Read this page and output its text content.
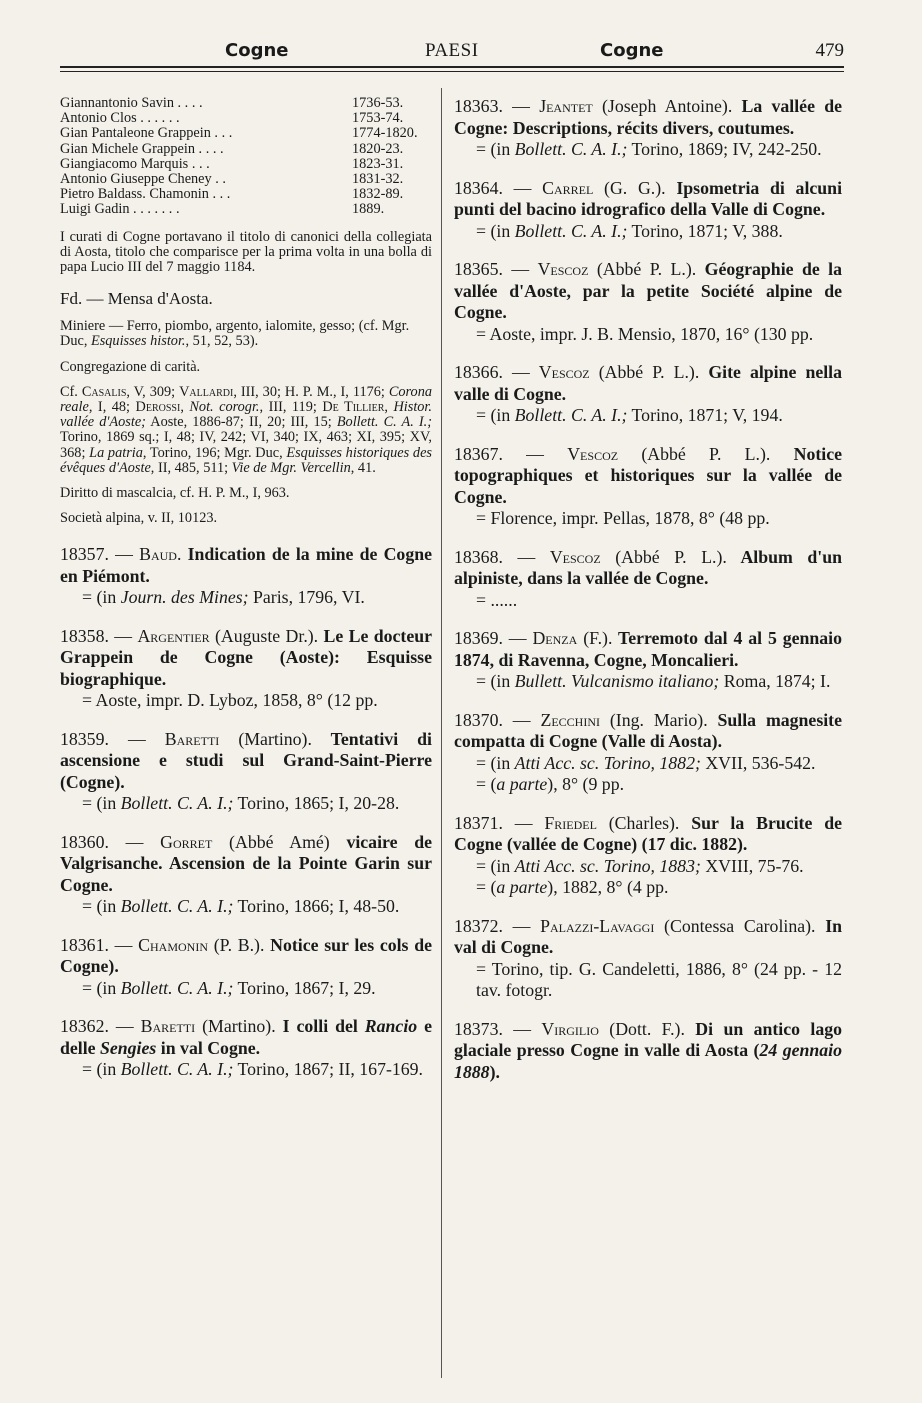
Cogne	PAESI	Cogne	479
Giannantonio Savin . . . .	1736-53.
Antonio Clos . . . . . .	1753-74.
Gian Pantaleone Grappein . . .	1774-1820.
Gian Michele Grappein . . . .	1820-23.
Giangiacomo Marquis . . .	1823-31.
Antonio Giuseppe Cheney . .	1831-32.
Pietro Baldass. Chamonin . . .	1832-89.
Luigi Gadin . . . . . . .	1889.
I curati di Cogne portavano il titolo di canonici della collegiata di Aosta, titolo che comparisce per la prima volta in una bolla di papa Lucio III del 7 maggio 1184.
Fd. — Mensa d'Aosta.
Miniere — Ferro, piombo, argento, ialomite, gesso; (cf. Mgr. Duc, Esquisses histor., 51, 52, 53).
Congregazione di carità.
Cf. Casalis, V, 309; Vallardi, III, 30; H. P. M., I, 1176; Corona reale, I, 48; Derossi, Not. corogr., III, 119; De Tillier, Histor. vallée d'Aoste; Aoste, 1886-87; II, 20; III, 15; Bollett. C. A. I.; Torino, 1869 sq.; I, 48; IV, 242; VI, 340; IX, 463; XI, 395; XV, 368; La patria, Torino, 196; Mgr. Duc, Esquisses historiques des évêques d'Aoste, II, 485, 511; Vie de Mgr. Vercellin, 41.
Diritto di mascalcia, cf. H. P. M., I, 963.
Società alpina, v. II, 10123.
18357. — Baud. Indication de la mine de Cogne en Piémont.
= (in Journ. des Mines; Paris, 1796, VI.
18358. — Argentier (Auguste Dr.). Le Le docteur Grappein de Cogne (Aoste): Esquisse biographique.
= Aoste, impr. D. Lyboz, 1858, 8° (12 pp.
18359. — Baretti (Martino). Tentativi di ascensione e studi sul Grand-Saint-Pierre (Cogne).
= (in Bollett. C. A. I.; Torino, 1865; I, 20-28.
18360. — Gorret (Abbé Amé) vicaire de Valgrisanche. Ascension de la Pointe Garin sur Cogne.
= (in Bollett. C. A. I.; Torino, 1866; I, 48-50.
18361. — Chamonin (P. B.). Notice sur les cols de Cogne).
= (in Bollett. C. A. I.; Torino, 1867; I, 29.
18362. — Baretti (Martino). I colli del Rancio e delle Sengies in val Cogne.
= (in Bollett. C. A. I.; Torino, 1867; II, 167-169.
18363. — Jeantet (Joseph Antoine). La vallée de Cogne: Descriptions, récits divers, coutumes.
= (in Bollett. C. A. I.; Torino, 1869; IV, 242-250.
18364. — Carrel (G. G.). Ipsometria di alcuni punti del bacino idrografico della Valle di Cogne.
= (in Bollett. C. A. I.; Torino, 1871; V, 388.
18365. — Vescoz (Abbé P. L.). Géographie de la vallée d'Aoste, par la petite Société alpine de Cogne.
= Aoste, impr. J. B. Mensio, 1870, 16° (130 pp.
18366. — Vescoz (Abbé P. L.). Gite alpine nella valle di Cogne.
= (in Bollett. C. A. I.; Torino, 1871; V, 194.
18367. — Vescoz (Abbé P. L.). Notice topographiques et historiques sur la vallée de Cogne.
= Florence, impr. Pellas, 1878, 8° (48 pp.
18368. — Vescoz (Abbé P. L.). Album d'un alpiniste, dans la vallée de Cogne.
= ......
18369. — Denza (F.). Terremoto dal 4 al 5 gennaio 1874, di Ravenna, Cogne, Moncalieri.
= (in Bullett. Vulcanismo italiano; Roma, 1874; I.
18370. — Zecchini (Ing. Mario). Sulla magnesite compatta di Cogne (Valle di Aosta).
= (in Atti Acc. sc. Torino, 1882; XVII, 536-542.
= (a parte), 8° (9 pp.
18371. — Friedel (Charles). Sur la Brucite de Cogne (vallée de Cogne) (17 dic. 1882).
= (in Atti Acc. sc. Torino, 1883; XVIII, 75-76.
= (a parte), 1882, 8° (4 pp.
18372. — Palazzi-Lavaggi (Contessa Carolina). In val di Cogne.
= Torino, tip. G. Candeletti, 1886, 8° (24 pp. - 12 tav. fotogr.
18373. — Virgilio (Dott. F.). Di un antico lago glaciale presso Cogne in valle di Aosta (24 gennaio 1888).
